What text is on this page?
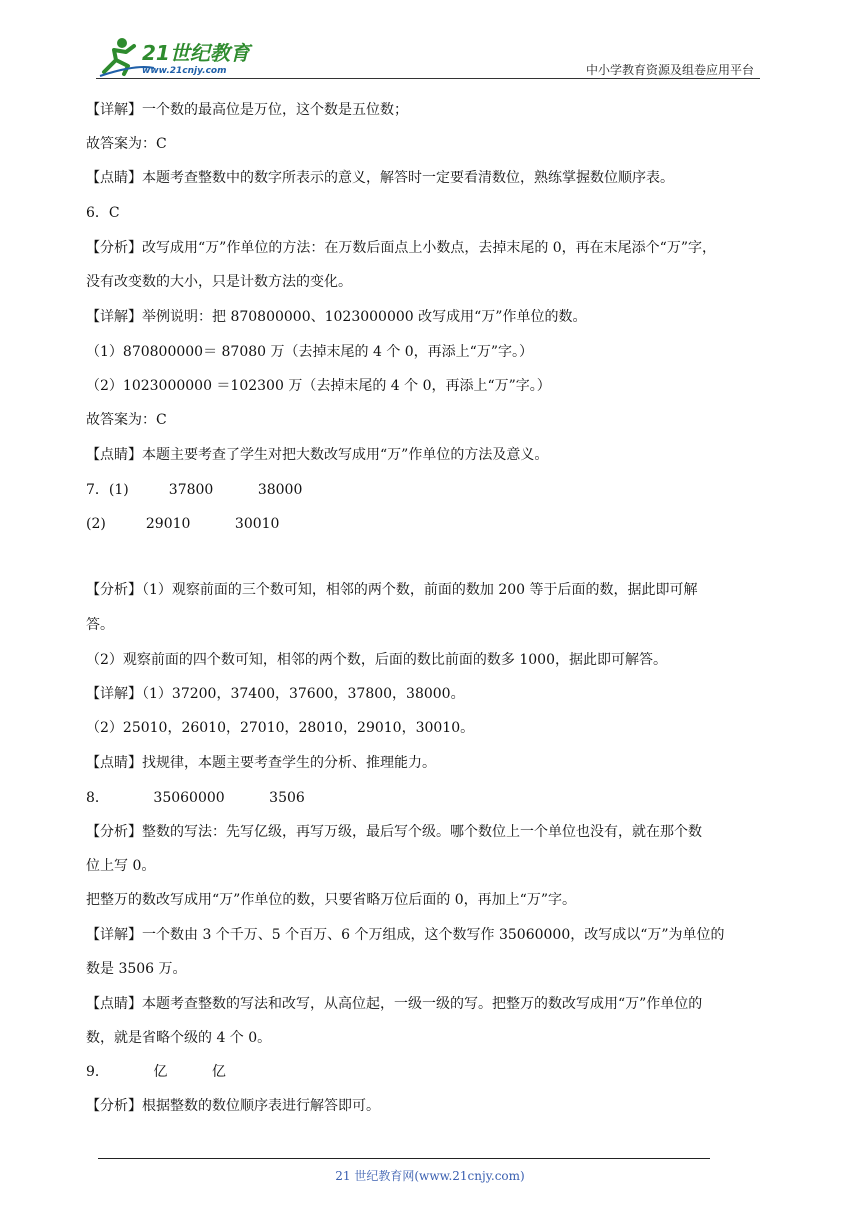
21世纪教育
www.21cnjy.com	中小学教育资源及组卷应用平台
【详解】一个数的最高位是万位，这个数是五位数；
故答案为：C
【点睛】本题考查整数中的数字所表示的意义，解答时一定要看清数位，熟练掌握数位顺序表。
6．C
【分析】改写成用“万”作单位的方法：在万数后面点上小数点，去掉末尾的 0，再在末尾添个“万”字，
没有改变数的大小，只是计数方法的变化。
【详解】举例说明：把 870800000、1023000000 改写成用“万”作单位的数。
（1）870800000＝ 87080 万（去掉末尾的 4 个 0，再添上“万”字。）
（2）1023000000 ＝102300 万（去掉末尾的 4 个 0，再添上“万”字。）
故答案为：C
【点睛】本题主要考查了学生对把大数改写成用“万”作单位的方法及意义。
7．(1)         37800          38000
(2)         29010          30010
【分析】（1）观察前面的三个数可知，相邻的两个数，前面的数加 200 等于后面的数，据此即可解
答。
（2）观察前面的四个数可知，相邻的两个数，后面的数比前面的数多 1000，据此即可解答。
【详解】（1）37200，37400，37600，37800，38000。
（2）25010，26010，27010，28010，29010，30010。
【点睛】找规律，本题主要考查学生的分析、推理能力。
8．          35060000          3506
【分析】整数的写法：先写亿级，再写万级，最后写个级。哪个数位上一个单位也没有，就在那个数
位上写 0。
把整万的数改写成用“万”作单位的数，只要省略万位后面的 0，再加上“万”字。
【详解】一个数由 3 个千万、5 个百万、6 个万组成，这个数写作 35060000，改写成以“万”为单位的
数是 3506 万。
【点睛】本题考查整数的写法和改写，从高位起，一级一级的写。把整万的数改写成用“万”作单位的
数，就是省略个级的 4 个 0。
9．          亿          亿
【分析】根据整数的数位顺序表进行解答即可。
21 世纪教育网(www.21cnjy.com)
